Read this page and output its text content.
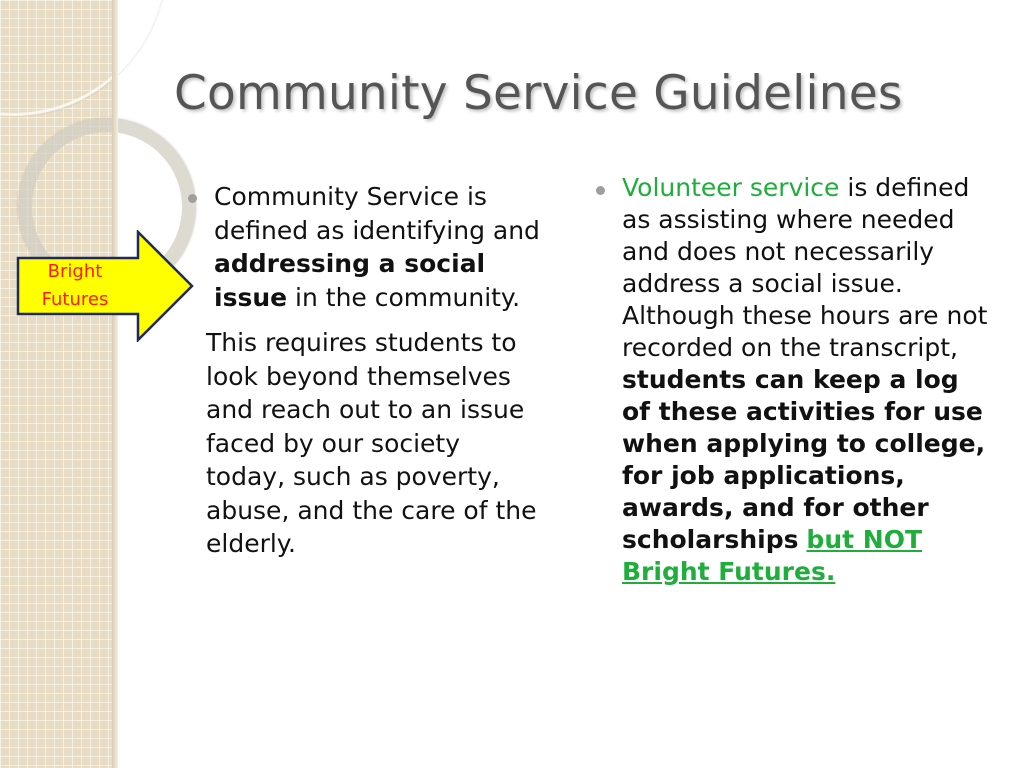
Community Service Guidelines
Bright
Futures
Community Service is defined as identifying and addressing a social issue in the community.
This requires students to look beyond themselves and reach out to an issue faced by our society today, such as poverty, abuse, and the care of the elderly.
Volunteer service is defined as assisting where needed and does not necessarily address a social issue. Although these hours are not recorded on the transcript, students can keep a log of these activities for use when applying to college, for job applications, awards, and for other scholarships but NOT Bright Futures.
